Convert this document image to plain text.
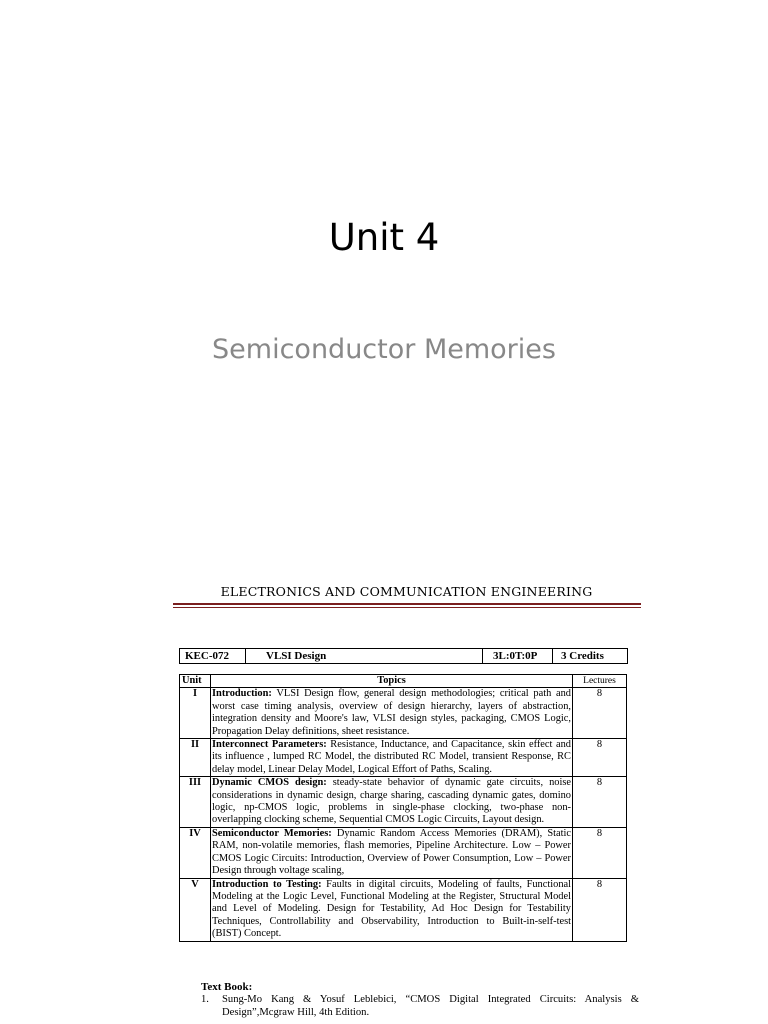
Unit 4
Semiconductor Memories
ELECTRONICS AND COMMUNICATION ENGINEERING
KEC-072	VLSI Design	3L:0T:0P	3 Credits
Unit	Topics	Lectures
I	Introduction: VLSI Design flow, general design methodologies; critical path and worst case timing analysis, overview of design hierarchy, layers of abstraction, integration density and Moore's law, VLSI design styles, packaging, CMOS Logic, Propagation Delay definitions, sheet resistance.	8
II	Interconnect Parameters: Resistance, Inductance, and Capacitance, skin effect and its influence , lumped RC Model, the distributed RC Model, transient Response, RC delay model, Linear Delay Model, Logical Effort of Paths, Scaling.	8
III	Dynamic CMOS design: steady-state behavior of dynamic gate circuits, noise considerations in dynamic design, charge sharing, cascading dynamic gates, domino logic, np-CMOS logic, problems in single-phase clocking, two-phase non-overlapping clocking scheme, Sequential CMOS Logic Circuits, Layout design.	8
IV	Semiconductor Memories: Dynamic Random Access Memories (DRAM), Static RAM, non-volatile memories, flash memories, Pipeline Architecture. Low – Power CMOS Logic Circuits: Introduction, Overview of Power Consumption, Low – Power Design through voltage scaling,	8
V	Introduction to Testing: Faults in digital circuits, Modeling of faults, Functional Modeling at the Logic Level, Functional Modeling at the Register, Structural Model and Level of Modeling. Design for Testability, Ad Hoc Design for Testability Techniques, Controllability and Observability, Introduction to Built-in-self-test (BIST) Concept.	8
Text Book:
1. Sung-Mo Kang & Yosuf Leblebici, “CMOS Digital Integrated Circuits: Analysis & Design”,Mcgraw Hill, 4th Edition.
